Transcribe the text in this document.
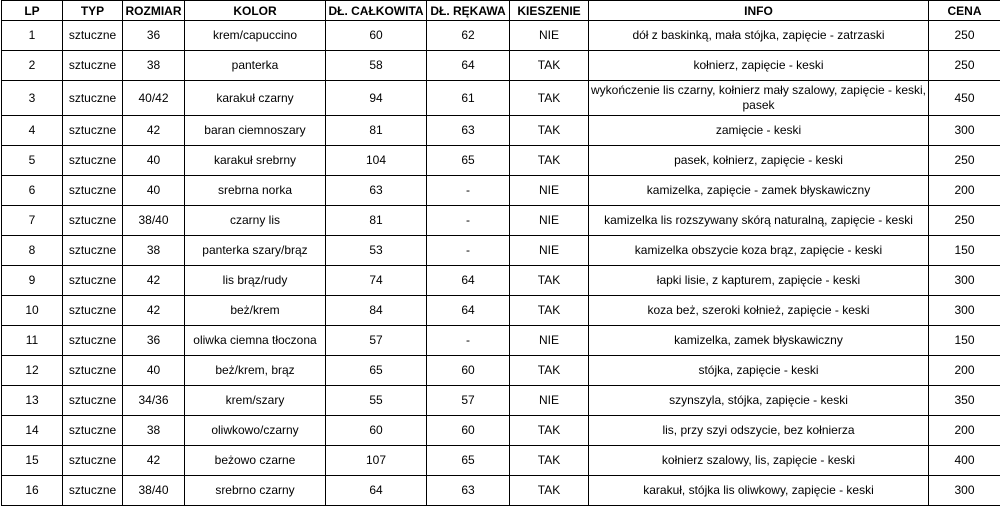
LP	TYP	ROZMIAR	KOLOR	DŁ. CAŁKOWITA	DŁ. RĘKAWA	KIESZENIE	INFO	CENA
1	sztuczne	36	krem/capuccino	60	62	NIE	dół z baskinką, mała stójka, zapięcie - zatrzaski	250
2	sztuczne	38	panterka	58	64	TAK	kołnierz, zapięcie - keski	250
3	sztuczne	40/42	karakuł czarny	94	61	TAK	wykończenie lis czarny, kołnierz mały szalowy, zapięcie - keski, pasek	450
4	sztuczne	42	baran ciemnoszary	81	63	TAK	zamięcie - keski	300
5	sztuczne	40	karakuł srebrny	104	65	TAK	pasek, kołnierz, zapięcie - keski	250
6	sztuczne	40	srebrna norka	63	-	NIE	kamizelka, zapięcie - zamek błyskawiczny	200
7	sztuczne	38/40	czarny lis	81	-	NIE	kamizelka lis rozszywany skórą naturalną, zapięcie - keski	250
8	sztuczne	38	panterka szary/brąz	53	-	NIE	kamizelka obszycie koza brąz, zapięcie - keski	150
9	sztuczne	42	lis brąz/rudy	74	64	TAK	łapki lisie, z kapturem, zapięcie - keski	300
10	sztuczne	42	beż/krem	84	64	TAK	koza beż, szeroki kołnież, zapięcie - keski	300
11	sztuczne	36	oliwka ciemna tłoczona	57	-	NIE	kamizelka, zamek błyskawiczny	150
12	sztuczne	40	beż/krem, brąz	65	60	TAK	stójka, zapięcie - keski	200
13	sztuczne	34/36	krem/szary	55	57	NIE	szynszyla, stójka, zapięcie - keski	350
14	sztuczne	38	oliwkowo/czarny	60	60	TAK	lis, przy szyi odszycie, bez kołnierza	200
15	sztuczne	42	beżowo czarne	107	65	TAK	kołnierz szalowy, lis, zapięcie - keski	400
16	sztuczne	38/40	srebrno czarny	64	63	TAK	karakuł, stójka lis oliwkowy, zapięcie - keski	300
